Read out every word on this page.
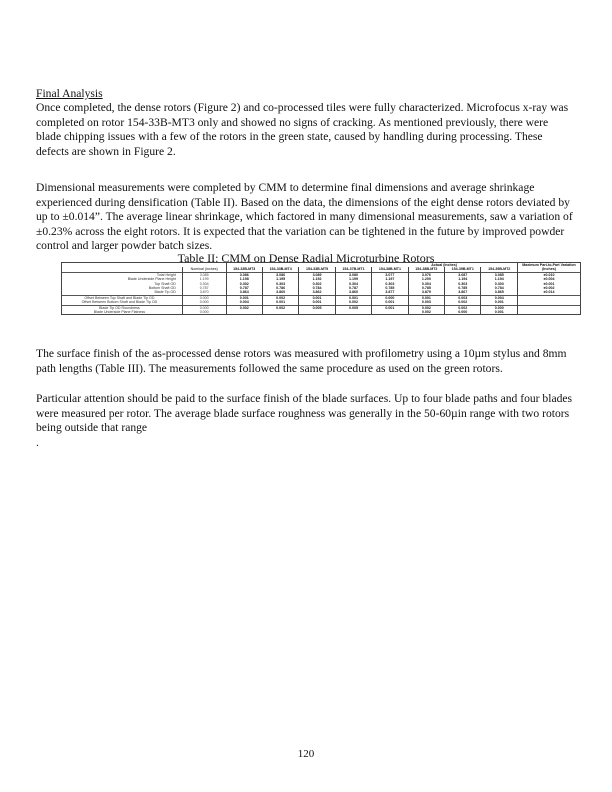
Final Analysis

Once completed, the dense rotors (Figure 2) and co-processed tiles were fully characterized. Microfocus x-ray was completed on rotor 154-33B-MT3 only and showed no signs of cracking. As mentioned previously, there were blade chipping issues with a few of the rotors in the green state, caused by handling during processing. These defects are shown in Figure 2.

Dimensional measurements were completed by CMM to determine final dimensions and average shrinkage experienced during densification (Table II). Based on the data, the dimensions of the eight dense rotors deviated by up to ±0.014”. The average linear shrinkage, which factored in many dimensional measurements, saw a variation of ±0.23% across the eight rotors. It is expected that the variation can be tightened in the future by improved powder control and larger powder batch sizes.

Table II: CMM on Dense Radial Microturbine Rotors
		Actual (Inches)								Maximum Part-to-Part Variation (Inches)
	Nominal (Inches)	154-33B-MT3	154-33B-MT4	154-33B-MT5	154-37B-MT1	154-38B-MT1	154-38B-MT2	154-39B-MT1	154-39B-MT2	
Total Height	3.085	3.086	3.086	3.089	3.080	3.077	3.076	3.087	3.085	±0.010
Blade Underside Plane Height	1.199	1.198	1.195	1.192	1.199	1.197	1.200	1.194	1.194	±0.004
Top Shaft OD	0.304	0.302	0.303	0.302	0.304	0.303	0.304	0.303	0.303	±0.001
Bottom Shaft OD	0.787	0.787	0.786	0.784	0.787	0.785	0.785	0.785	0.784	±0.002
Blade Tip OD	3.870	3.864	3.860	3.862	3.860	3.877	3.879	3.867	3.865	±0.014
Offset Between Top Shaft and Blade Tip OD	0.000	0.001	0.002	0.001	0.001	0.000	0.001	0.003	0.004	
Offset Between Bottom Shaft and Blade Tip OD	0.000	0.004	0.001	0.001	0.002	0.001	0.003	0.002	0.001	
Blade Tip OD Roundness	0.000	0.002	0.002	0.005	0.005	0.001	0.002	0.002	0.000	
Blade Underside Plane Flatness	0.000						0.002	0.000	0.001	

The surface finish of the as-processed dense rotors was measured with profilometry using a 10µm stylus and 8mm path lengths (Table III). The measurements followed the same procedure as used on the green rotors.

Particular attention should be paid to the surface finish of the blade surfaces. Up to four blade paths and four blades were measured per rotor. The average blade surface roughness was generally in the 50-60µin range with two rotors being outside that range

.

120
